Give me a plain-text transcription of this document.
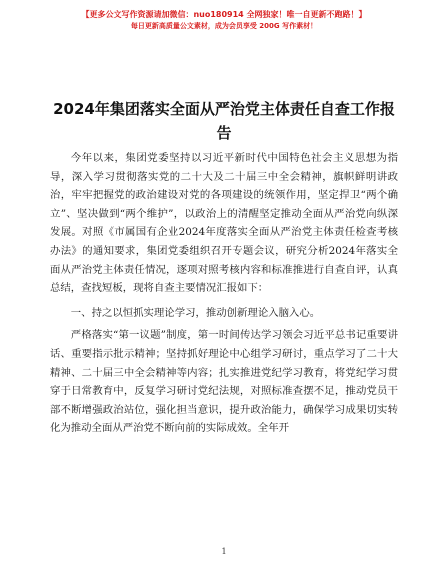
【更多公文写作资源请加微信：nuo180914 全网独家！唯一自更新不跑路！】
每日更新高质量公文素材，成为会员享受 200G 写作素材！
2024年集团落实全面从严治党主体责任自查工作报告

今年以来，集团党委坚持以习近平新时代中国特色社会主义思想为指导，深入学习贯彻落实党的二十大及二十届三中全会精神，旗帜鲜明讲政治，牢牢把握党的政治建设对党的各项建设的统领作用，坚定捍卫“两个确立”、坚决做到“两个维护”，以政治上的清醒坚定推动全面从严治党向纵深发展。对照《市属国有企业2024年度落实全面从严治党主体责任检查考核办法》的通知要求，集团党委组织召开专题会议，研究分析2024年落实全面从严治党主体责任情况，逐项对照考核内容和标准推进行自查自评，认真总结，查找短板，现将自查主要情况汇报如下：

一、持之以恒抓实理论学习，推动创新理论入脑入心。

严格落实“第一议题”制度，第一时间传达学习领会习近平总书记重要讲话、重要指示批示精神；坚持抓好理论中心组学习研讨，重点学习了二十大精神、二十届三中全会精神等内容；扎实推进党纪学习教育，将党纪学习贯穿于日常教育中，反复学习研讨党纪法规，对照标准查摆不足，推动党员干部不断增强政治站位，强化担当意识，提升政治能力，确保学习成果切实转化为推动全面从严治党不断向前的实际成效。全年开

1
